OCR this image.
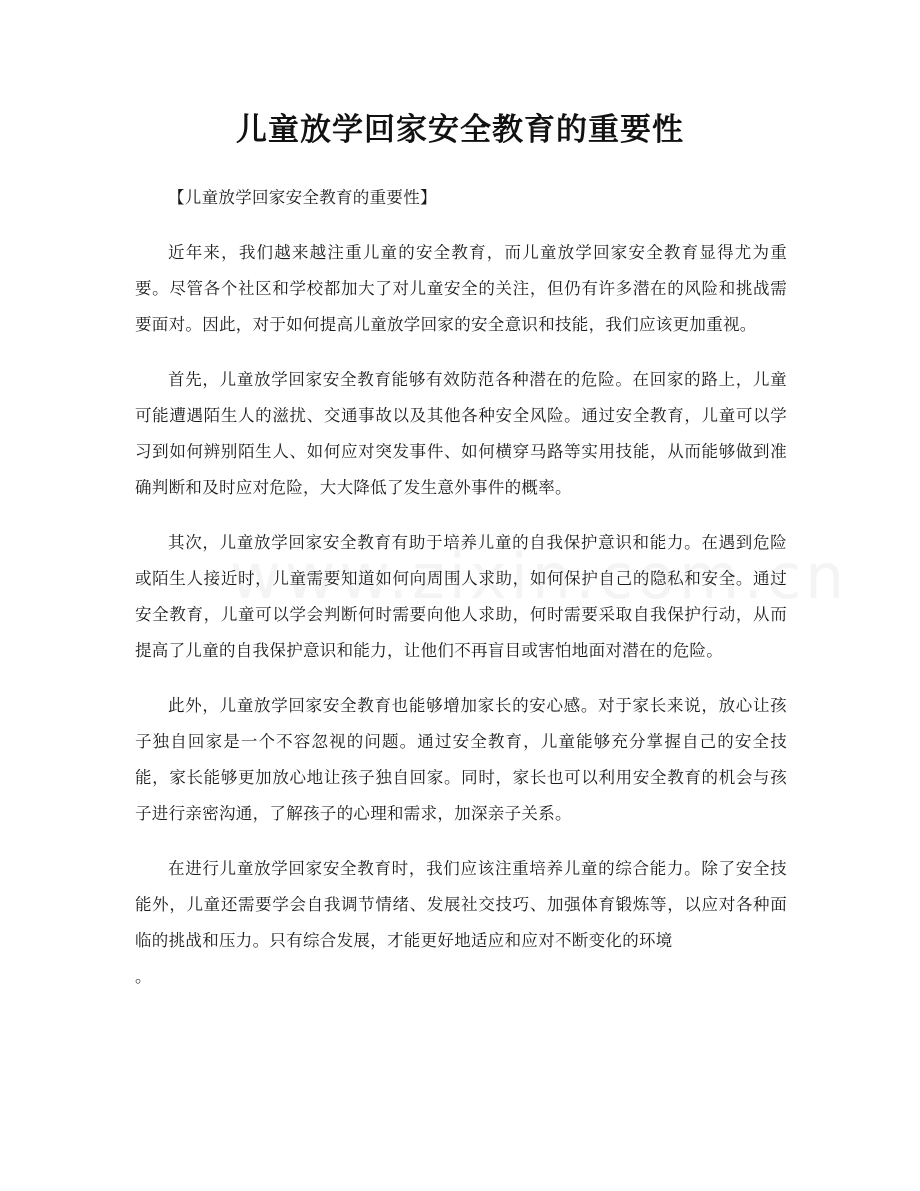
儿童放学回家安全教育的重要性

【儿童放学回家安全教育的重要性】

近年来，我们越来越注重儿童的安全教育，而儿童放学回家安全教育显得尤为重要。尽管各个社区和学校都加大了对儿童安全的关注，但仍有许多潜在的风险和挑战需要面对。因此，对于如何提高儿童放学回家的安全意识和技能，我们应该更加重视。

首先，儿童放学回家安全教育能够有效防范各种潜在的危险。在回家的路上，儿童可能遭遇陌生人的滋扰、交通事故以及其他各种安全风险。通过安全教育，儿童可以学习到如何辨别陌生人、如何应对突发事件、如何横穿马路等实用技能，从而能够做到准确判断和及时应对危险，大大降低了发生意外事件的概率。

其次，儿童放学回家安全教育有助于培养儿童的自我保护意识和能力。在遇到危险或陌生人接近时，儿童需要知道如何向周围人求助，如何保护自己的隐私和安全。通过安全教育，儿童可以学会判断何时需要向他人求助，何时需要采取自我保护行动，从而提高了儿童的自我保护意识和能力，让他们不再盲目或害怕地面对潜在的危险。

此外，儿童放学回家安全教育也能够增加家长的安心感。对于家长来说，放心让孩子独自回家是一个不容忽视的问题。通过安全教育，儿童能够充分掌握自己的安全技能，家长能够更加放心地让孩子独自回家。同时，家长也可以利用安全教育的机会与孩子进行亲密沟通，了解孩子的心理和需求，加深亲子关系。

在进行儿童放学回家安全教育时，我们应该注重培养儿童的综合能力。除了安全技能外，儿童还需要学会自我调节情绪、发展社交技巧、加强体育锻炼等，以应对各种面临的挑战和压力。只有综合发展，才能更好地适应和应对不断变化的环境
。
